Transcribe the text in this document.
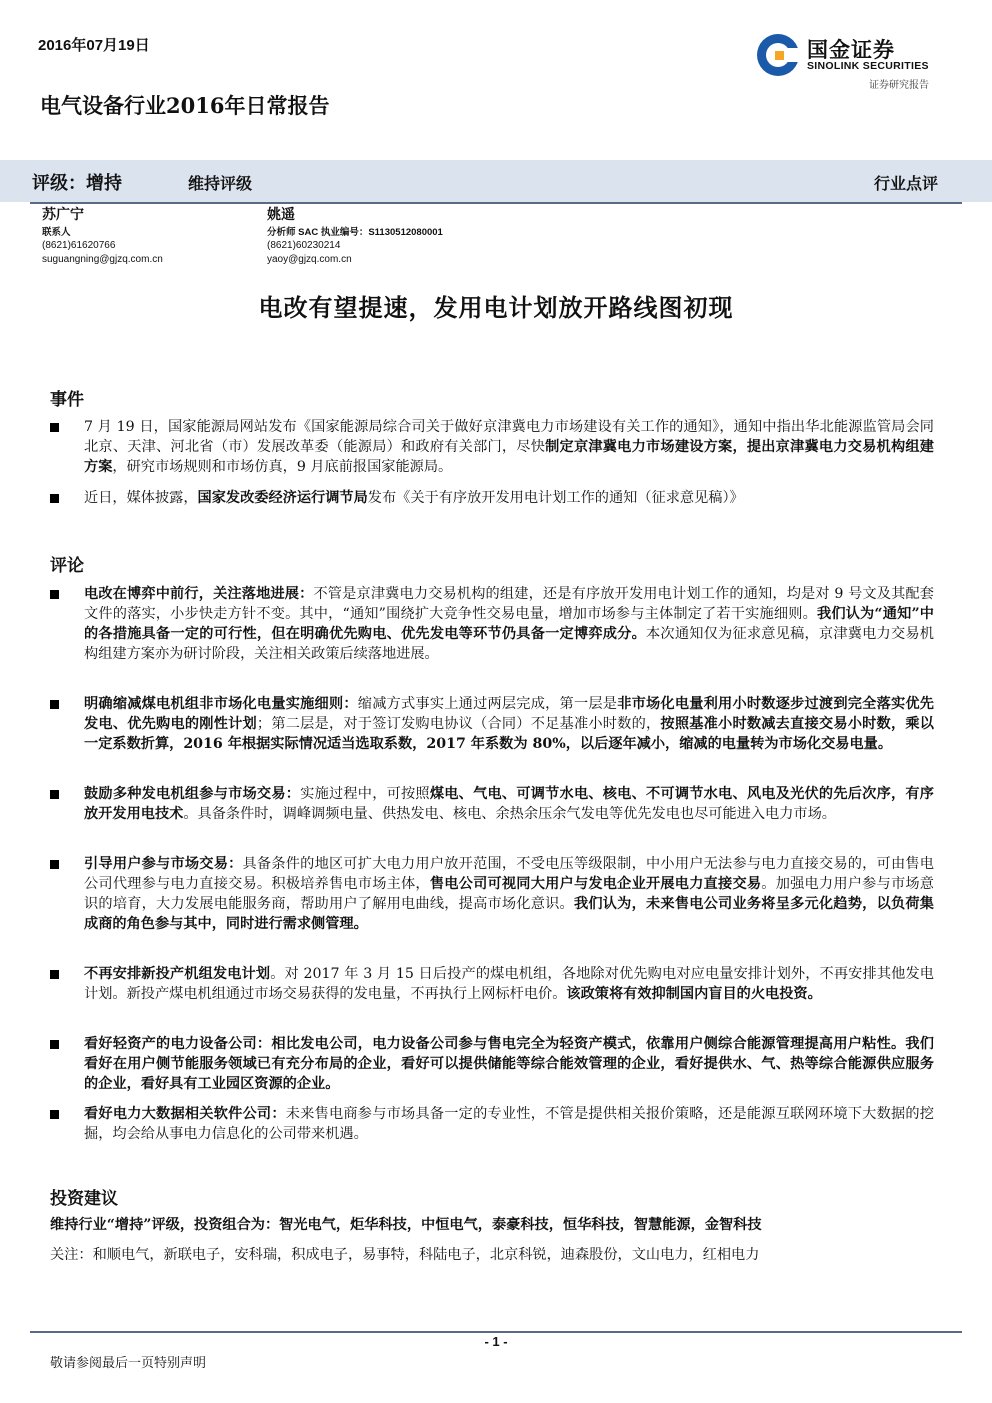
2016年07月19日	国金证券
SINOLINK SECURITIES
证券研究报告
电气设备行业2016年日常报告
评级：增持	维持评级	行业点评
苏广宁
联系人
(8621)61620766
suguangning@gjzq.com.cn
姚遥
分析师 SAC 执业编号：S1130512080001
(8621)60230214
yaoy@gjzq.com.cn
电改有望提速，发用电计划放开路线图初现
事件
7 月 19 日，国家能源局网站发布《国家能源局综合司关于做好京津冀电力市场建设有关工作的通知》，通知中指出华北能源监管局会同北京、天津、河北省（市）发展改革委（能源局）和政府有关部门，尽快制定京津冀电力市场建设方案，提出京津冀电力交易机构组建方案，研究市场规则和市场仿真，9 月底前报国家能源局。
近日，媒体披露，国家发改委经济运行调节局发布《关于有序放开发用电计划工作的通知（征求意见稿）》
评论
电改在博弈中前行，关注落地进展：不管是京津冀电力交易机构的组建，还是有序放开发用电计划工作的通知，均是对 9 号文及其配套文件的落实，小步快走方针不变。其中，“通知”围绕扩大竞争性交易电量，增加市场参与主体制定了若干实施细则。我们认为“通知”中的各措施具备一定的可行性，但在明确优先购电、优先发电等环节仍具备一定博弈成分。本次通知仅为征求意见稿，京津冀电力交易机构组建方案亦为研讨阶段，关注相关政策后续落地进展。
明确缩减煤电机组非市场化电量实施细则：缩减方式事实上通过两层完成，第一层是非市场化电量利用小时数逐步过渡到完全落实优先发电、优先购电的刚性计划；第二层是，对于签订发购电协议（合同）不足基准小时数的，按照基准小时数减去直接交易小时数，乘以一定系数折算，2016 年根据实际情况适当选取系数，2017 年系数为 80%，以后逐年减小，缩减的电量转为市场化交易电量。
鼓励多种发电机组参与市场交易：实施过程中，可按照煤电、气电、可调节水电、核电、不可调节水电、风电及光伏的先后次序，有序放开发用电技术。具备条件时，调峰调频电量、供热发电、核电、余热余压余气发电等优先发电也尽可能进入电力市场。
引导用户参与市场交易：具备条件的地区可扩大电力用户放开范围，不受电压等级限制，中小用户无法参与电力直接交易的，可由售电公司代理参与电力直接交易。积极培养售电市场主体，售电公司可视同大用户与发电企业开展电力直接交易。加强电力用户参与市场意识的培育，大力发展电能服务商，帮助用户了解用电曲线，提高市场化意识。我们认为，未来售电公司业务将呈多元化趋势，以负荷集成商的角色参与其中，同时进行需求侧管理。
不再安排新投产机组发电计划。对 2017 年 3 月 15 日后投产的煤电机组，各地除对优先购电对应电量安排计划外，不再安排其他发电计划。新投产煤电机组通过市场交易获得的发电量，不再执行上网标杆电价。该政策将有效抑制国内盲目的火电投资。
看好轻资产的电力设备公司：相比发电公司，电力设备公司参与售电完全为轻资产模式，依靠用户侧综合能源管理提高用户粘性。我们看好在用户侧节能服务领域已有充分布局的企业，看好可以提供储能等综合能效管理的企业，看好提供水、气、热等综合能源供应服务的企业，看好具有工业园区资源的企业。
看好电力大数据相关软件公司：未来售电商参与市场具备一定的专业性，不管是提供相关报价策略，还是能源互联网环境下大数据的挖掘，均会给从事电力信息化的公司带来机遇。
投资建议
维持行业“增持”评级，投资组合为：智光电气，炬华科技，中恒电气，泰豪科技，恒华科技，智慧能源，金智科技
关注：和顺电气，新联电子，安科瑞，积成电子，易事特，科陆电子，北京科锐，迪森股份，文山电力，红相电力
- 1 -
敬请参阅最后一页特别声明
